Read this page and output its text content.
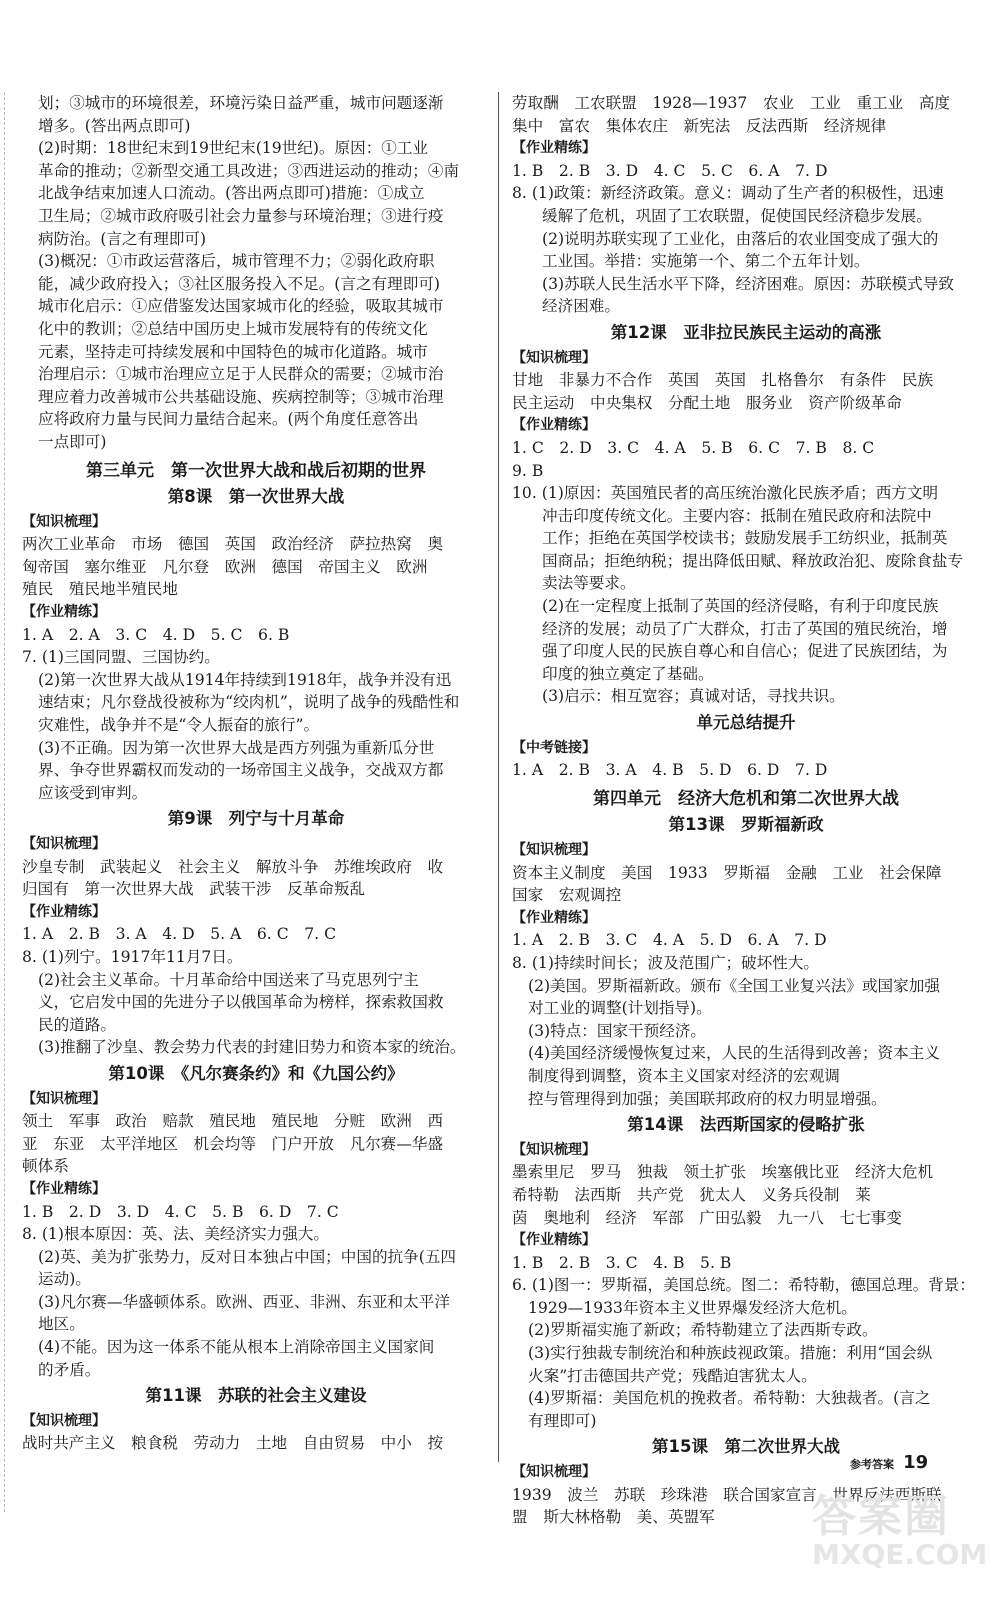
划；③城市的环境很差，环境污染日益严重，城市问题逐渐
增多。(答出两点即可)
(2)时期：18世纪末到19世纪末(19世纪)。原因：①工业
革命的推动；②新型交通工具改进；③西进运动的推动；④南
北战争结束加速人口流动。(答出两点即可)措施：①成立
卫生局；②城市政府吸引社会力量参与环境治理；③进行疫
病防治。(言之有理即可)
(3)概况：①市政运营落后，城市管理不力；②弱化政府职
能，减少政府投入；③社区服务投入不足。(言之有理即可)
城市化启示：①应借鉴发达国家城市化的经验，吸取其城市
化中的教训；②总结中国历史上城市发展特有的传统文化
元素，坚持走可持续发展和中国特色的城市化道路。城市
治理启示：①城市治理应立足于人民群众的需要；②城市治
理应着力改善城市公共基础设施、疾病控制等；③城市治理
应将政府力量与民间力量结合起来。(两个角度任意答出
一点即可)
第三单元　第一次世界大战和战后初期的世界
第8课　第一次世界大战
【知识梳理】
两次工业革命　市场　德国　英国　政治经济　萨拉热窝　奥
匈帝国　塞尔维亚　凡尔登　欧洲　德国　帝国主义　欧洲
殖民　殖民地半殖民地
【作业精练】
1. A　2. A　3. C　4. D　5. C　6. B
7. (1)三国同盟、三国协约。
(2)第一次世界大战从1914年持续到1918年，战争并没有迅
速结束；凡尔登战役被称为“绞肉机”，说明了战争的残酷性和
灾难性，战争并不是“令人振奋的旅行”。
(3)不正确。因为第一次世界大战是西方列强为重新瓜分世
界、争夺世界霸权而发动的一场帝国主义战争，交战双方都
应该受到审判。
第9课　列宁与十月革命
【知识梳理】
沙皇专制　武装起义　社会主义　解放斗争　苏维埃政府　收
归国有　第一次世界大战　武装干涉　反革命叛乱
【作业精练】
1. A　2. B　3. A　4. D　5. A　6. C　7. C
8. (1)列宁。1917年11月7日。
(2)社会主义革命。十月革命给中国送来了马克思列宁主
义，它启发中国的先进分子以俄国革命为榜样，探索救国救
民的道路。
(3)推翻了沙皇、教会势力代表的封建旧势力和资本家的统治。
第10课　《凡尔赛条约》和《九国公约》
【知识梳理】
领土　军事　政治　赔款　殖民地　殖民地　分赃　欧洲　西
亚　东亚　太平洋地区　机会均等　门户开放　凡尔赛—华盛
顿体系
【作业精练】
1. B　2. D　3. D　4. C　5. B　6. D　7. C
8. (1)根本原因：英、法、美经济实力强大。
(2)英、美为扩张势力，反对日本独占中国；中国的抗争(五四
运动)。
(3)凡尔赛—华盛顿体系。欧洲、西亚、非洲、东亚和太平洋
地区。
(4)不能。因为这一体系不能从根本上消除帝国主义国家间
的矛盾。
第11课　苏联的社会主义建设
【知识梳理】
战时共产主义　粮食税　劳动力　土地　自由贸易　中小　按
劳取酬　工农联盟　1928—1937　农业　工业　重工业　高度
集中　富农　集体农庄　新宪法　反法西斯　经济规律
【作业精练】
1. B　2. B　3. D　4. C　5. C　6. A　7. D
8. (1)政策：新经济政策。意义：调动了生产者的积极性，迅速
缓解了危机，巩固了工农联盟，促使国民经济稳步发展。
(2)说明苏联实现了工业化，由落后的农业国变成了强大的
工业国。举措：实施第一个、第二个五年计划。
(3)苏联人民生活水平下降，经济困难。原因：苏联模式导致
经济困难。
第12课　亚非拉民族民主运动的高涨
【知识梳理】
甘地　非暴力不合作　英国　英国　扎格鲁尔　有条件　民族
民主运动　中央集权　分配土地　服务业　资产阶级革命
【作业精练】
1. C　2. D　3. C　4. A　5. B　6. C　7. B　8. C
9. B
10. (1)原因：英国殖民者的高压统治激化民族矛盾；西方文明
冲击印度传统文化。主要内容：抵制在殖民政府和法院中
工作；拒绝在英国学校读书；鼓励发展手工纺织业，抵制英
国商品；拒绝纳税；提出降低田赋、释放政治犯、废除食盐专
卖法等要求。
(2)在一定程度上抵制了英国的经济侵略，有利于印度民族
经济的发展；动员了广大群众，打击了英国的殖民统治，增
强了印度人民的民族自尊心和自信心；促进了民族团结，为
印度的独立奠定了基础。
(3)启示：相互宽容；真诚对话，寻找共识。
单元总结提升
【中考链接】
1. A　2. B　3. A　4. B　5. D　6. D　7. D
第四单元　经济大危机和第二次世界大战
第13课　罗斯福新政
【知识梳理】
资本主义制度　美国　1933　罗斯福　金融　工业　社会保障
国家　宏观调控
【作业精练】
1. A　2. B　3. C　4. A　5. D　6. A　7. D
8. (1)持续时间长；波及范围广；破坏性大。
(2)美国。罗斯福新政。颁布《全国工业复兴法》或国家加强
对工业的调整(计划指导)。
(3)特点：国家干预经济。
(4)美国经济缓慢恢复过来，人民的生活得到改善；资本主义
制度得到调整，资本主义国家对经济的宏观调
控与管理得到加强；美国联邦政府的权力明显增强。
第14课　法西斯国家的侵略扩张
【知识梳理】
墨索里尼　罗马　独裁　领土扩张　埃塞俄比亚　经济大危机
希特勒　法西斯　共产党　犹太人　义务兵役制　莱
茵　奥地利　经济　军部　广田弘毅　九一八　七七事变
【作业精练】
1. B　2. B　3. C　4. B　5. B
6. (1)图一：罗斯福，美国总统。图二：希特勒，德国总理。背景：
1929—1933年资本主义世界爆发经济大危机。
(2)罗斯福实施了新政；希特勒建立了法西斯专政。
(3)实行独裁专制统治和种族歧视政策。措施：利用“国会纵
火案”打击德国共产党；残酷迫害犹太人。
(4)罗斯福：美国危机的挽救者。希特勒：大独裁者。(言之
有理即可)
第15课　第二次世界大战
【知识梳理】
1939　波兰　苏联　珍珠港　联合国家宣言　世界反法西斯联
盟　斯大林格勒　美、英盟军
参考答案 19
答案圈
MXQE.COM
